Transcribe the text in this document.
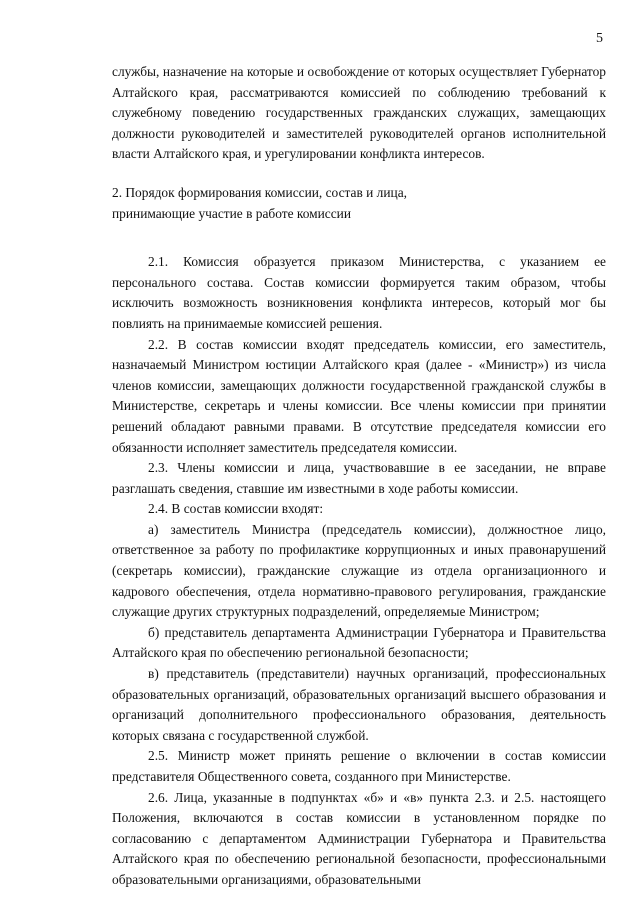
5

службы, назначение на которые и освобождение от которых осуществляет Губернатор Алтайского края, рассматриваются комиссией по соблюдению требований к служебному поведению государственных гражданских служащих, замещающих должности руководителей и заместителей руководителей органов исполнительной власти Алтайского края, и урегулировании конфликта интересов.

2. Порядок формирования комиссии, состав и лица,
принимающие участие в работе комиссии

2.1. Комиссия образуется приказом Министерства, с указанием ее персонального состава. Состав комиссии формируется таким образом, чтобы исключить возможность возникновения конфликта интересов, который мог бы повлиять на принимаемые комиссией решения.

2.2. В состав комиссии входят председатель комиссии, его заместитель, назначаемый Министром юстиции Алтайского края (далее - «Министр») из числа членов комиссии, замещающих должности государственной гражданской службы в Министерстве, секретарь и члены комиссии. Все члены комиссии при принятии решений обладают равными правами. В отсутствие председателя комиссии его обязанности исполняет заместитель председателя комиссии.

2.3. Члены комиссии и лица, участвовавшие в ее заседании, не вправе разглашать сведения, ставшие им известными в ходе работы комиссии.

2.4. В состав комиссии входят:

а) заместитель Министра (председатель комиссии), должностное лицо, ответственное за работу по профилактике коррупционных и иных правонарушений (секретарь комиссии), гражданские служащие из отдела организационного и кадрового обеспечения, отдела нормативно-правового регулирования, гражданские служащие других структурных подразделений, определяемые Министром;

б) представитель департамента Администрации Губернатора и Правительства Алтайского края по обеспечению региональной безопасности;

в) представитель (представители) научных организаций, профессиональных образовательных организаций, образовательных организаций высшего образования и организаций дополнительного профессионального образования, деятельность которых связана с государственной службой.

2.5. Министр может принять решение о включении в состав комиссии представителя Общественного совета, созданного при Министерстве.

2.6. Лица, указанные в подпунктах «б» и «в» пункта 2.3. и 2.5. настоящего Положения, включаются в состав комиссии в установленном порядке по согласованию с департаментом Администрации Губернатора и Правительства Алтайского края по обеспечению региональной безопасности, профессиональными образовательными организациями, образовательными
